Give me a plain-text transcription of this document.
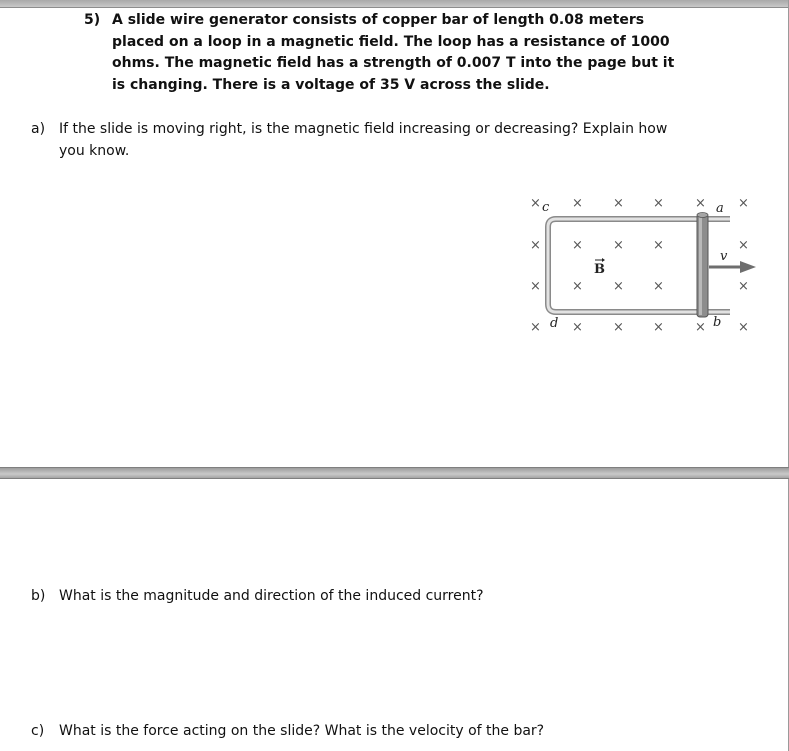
5) A slide wire generator consists of copper bar of length 0.08 meters placed on a loop in a magnetic field. The loop has a resistance of 1000 ohms. The magnetic field has a strength of 0.007 T into the page but it is changing. There is a voltage of 35 V across the slide.
a) If the slide is moving right, is the magnetic field increasing or decreasing? Explain how you know.
× × × × × ×
× × × ×	×
× × × ×	×
× × × × × ×
c
d
a
b
v
B
b) What is the magnitude and direction of the induced current?
c) What is the force acting on the slide? What is the velocity of the bar?
